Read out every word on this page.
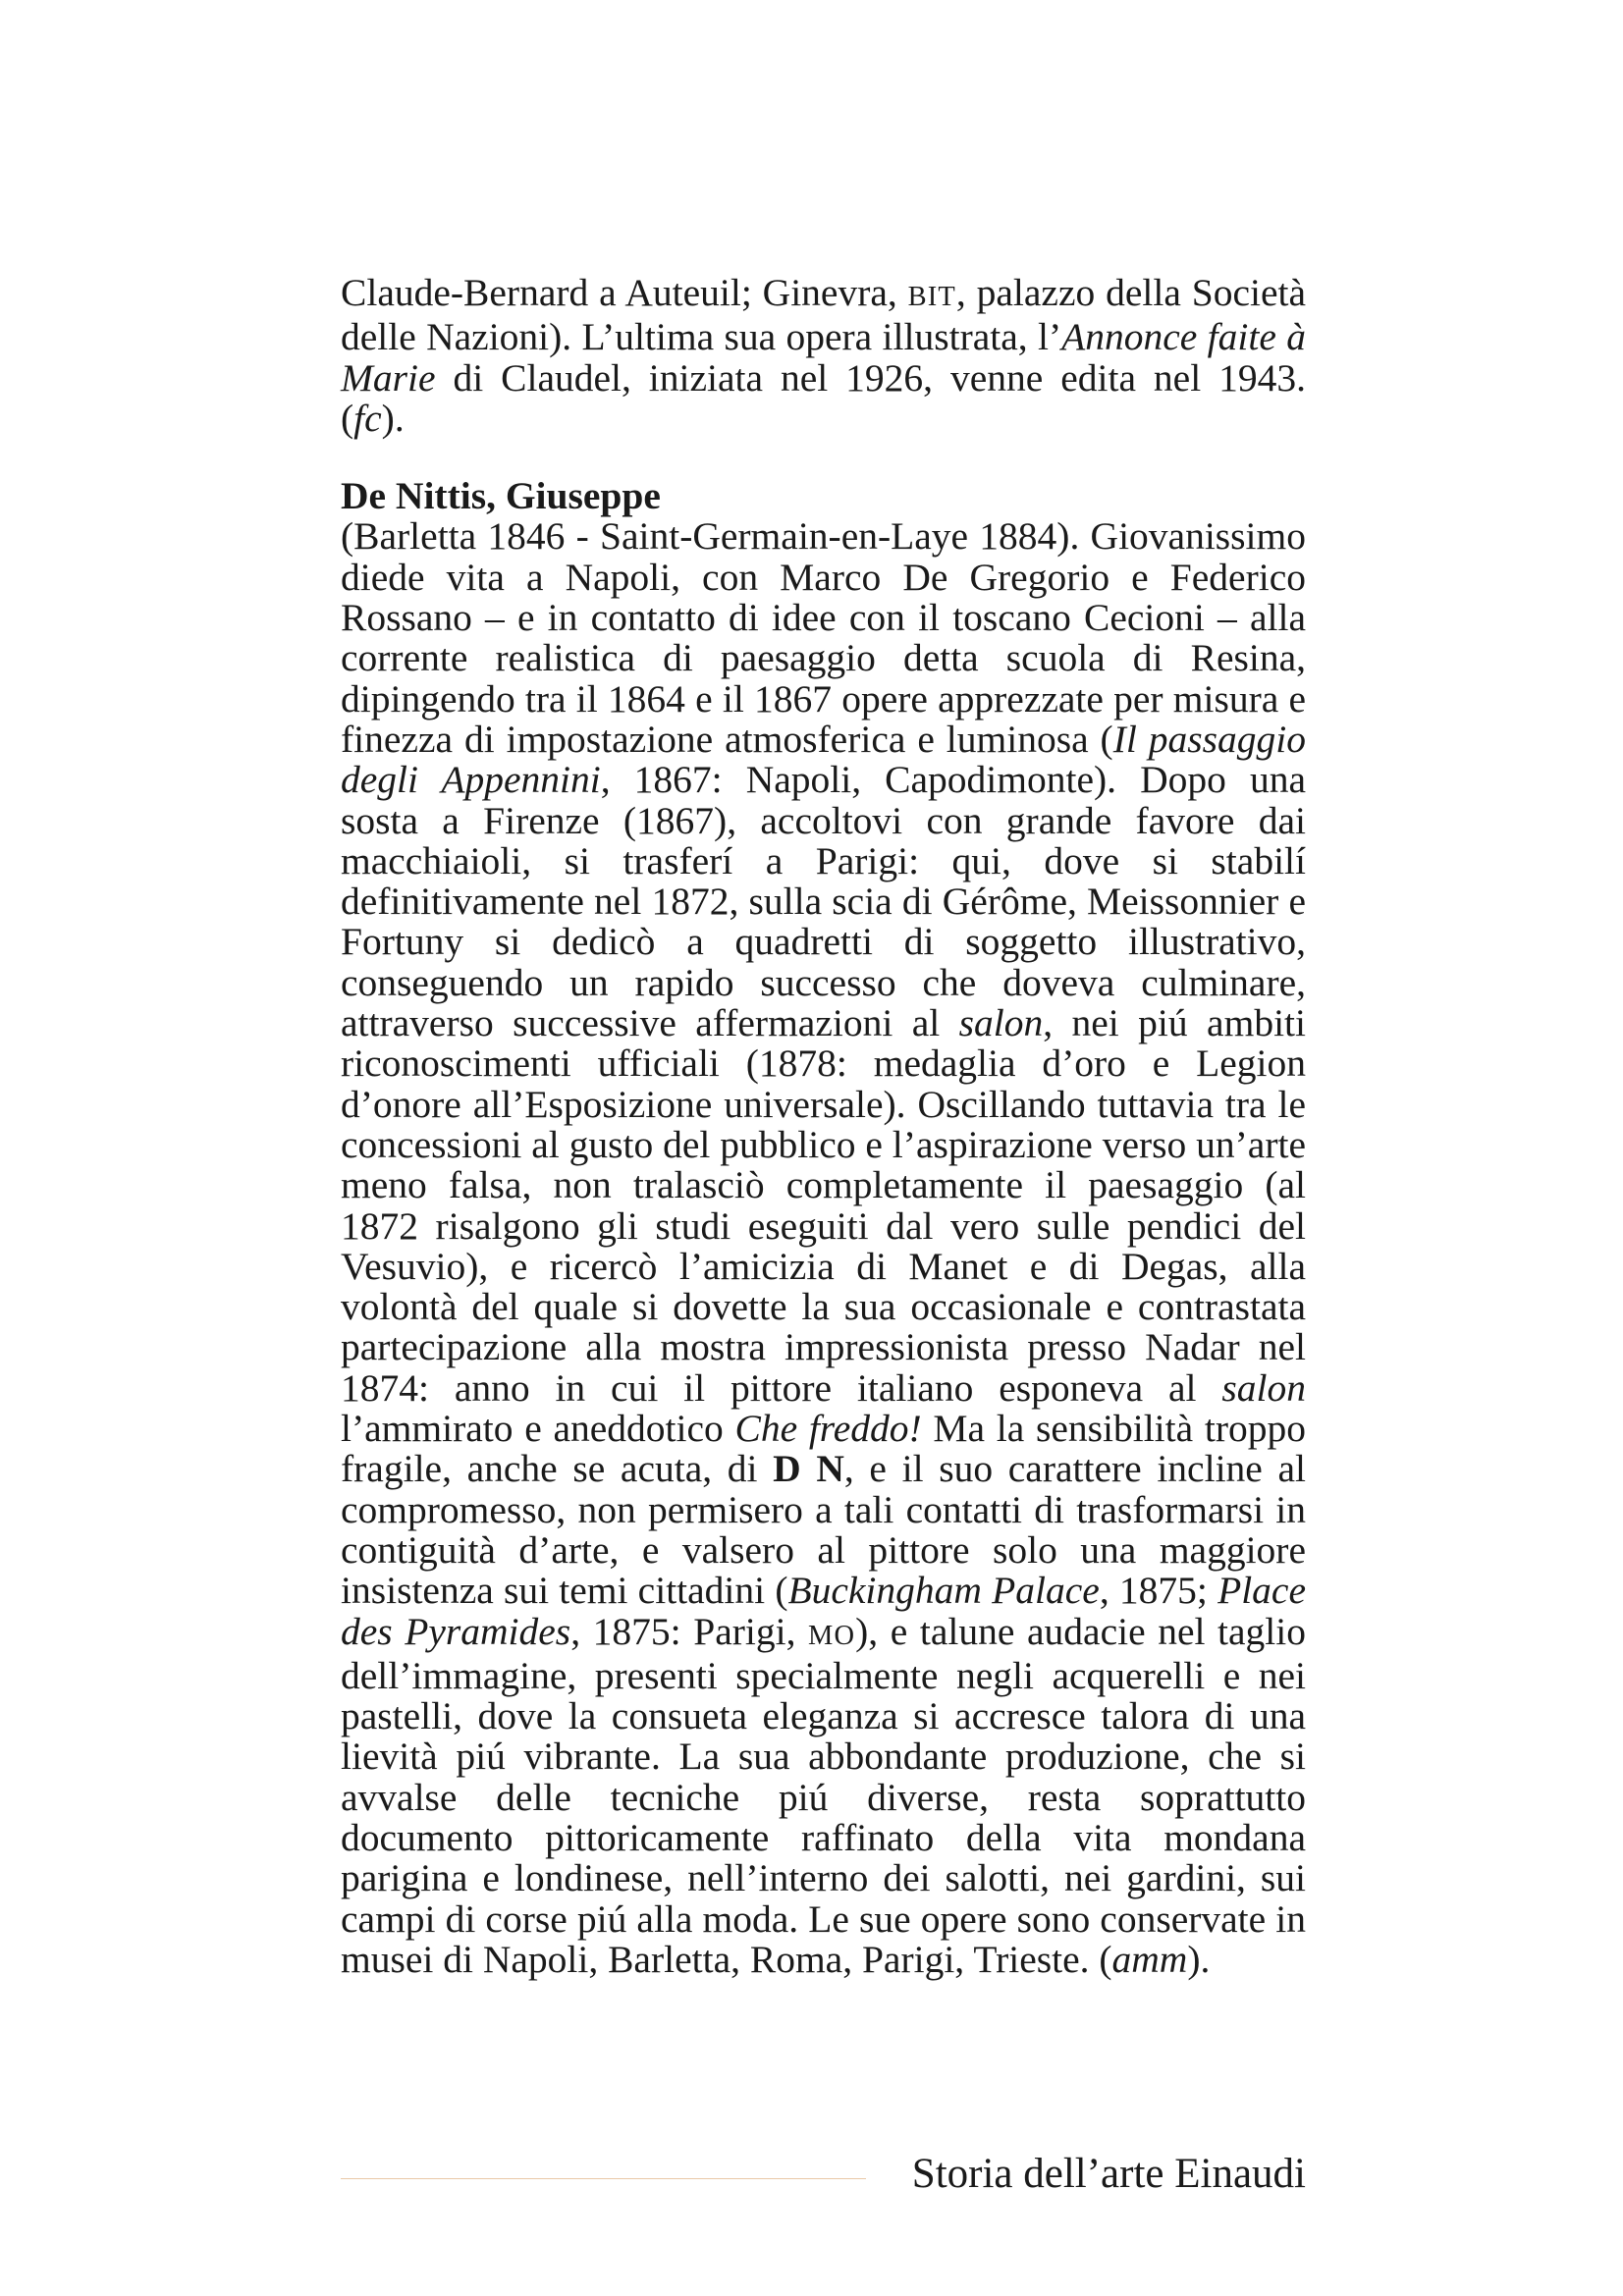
Claude-Bernard a Auteuil; Ginevra, BIT, palazzo della Società delle Nazioni). L’ultima sua opera illustrata, l’Annonce faite à Marie di Claudel, iniziata nel 1926, venne edita nel 1943. (fc).

De Nittis, Giuseppe

(Barletta 1846 - Saint-Germain-en-Laye 1884). Giovanissimo diede vita a Napoli, con Marco De Gregorio e Federico Rossano – e in contatto di idee con il toscano Cecioni – alla corrente realistica di paesaggio detta scuola di Resina, dipingendo tra il 1864 e il 1867 opere apprezzate per misura e finezza di impostazione atmosferica e luminosa (Il passaggio degli Appennini, 1867: Napoli, Capodimonte). Dopo una sosta a Firenze (1867), accoltovi con grande favore dai macchiaioli, si trasferí a Parigi: qui, dove si stabilí definitivamente nel 1872, sulla scia di Gérôme, Meissonnier e Fortuny si dedicò a quadretti di soggetto illustrativo, conseguendo un rapido successo che doveva culminare, attraverso successive affermazioni al salon, nei piú ambiti riconoscimenti ufficiali (1878: medaglia d’oro e Legion d’onore all’Esposizione universale). Oscillando tuttavia tra le concessioni al gusto del pubblico e l’aspirazione verso un’arte meno falsa, non tralasciò completamente il paesaggio (al 1872 risalgono gli studi eseguiti dal vero sulle pendici del Vesuvio), e ricercò l’amicizia di Manet e di Degas, alla volontà del quale si dovette la sua occasionale e contrastata partecipazione alla mostra impressionista presso Nadar nel 1874: anno in cui il pittore italiano esponeva al salon l’ammirato e aneddotico Che freddo! Ma la sensibilità troppo fragile, anche se acuta, di D N, e il suo carattere incline al compromesso, non permisero a tali contatti di trasformarsi in contiguità d’arte, e valsero al pittore solo una maggiore insistenza sui temi cittadini (Buckingham Palace, 1875; Place des Pyramides, 1875: Parigi, MO), e talune audacie nel taglio dell’immagine, presenti specialmente negli acquerelli e nei pastelli, dove la consueta eleganza si accresce talora di una lievità piú vibrante. La sua abbondante produzione, che si avvalse delle tecniche piú diverse, resta soprattutto documento pittoricamente raffinato della vita mondana parigina e londinese, nell’interno dei salotti, nei gardini, sui campi di corse piú alla moda. Le sue opere sono conservate in musei di Napoli, Barletta, Roma, Parigi, Trieste. (amm).

Storia dell’arte Einaudi
